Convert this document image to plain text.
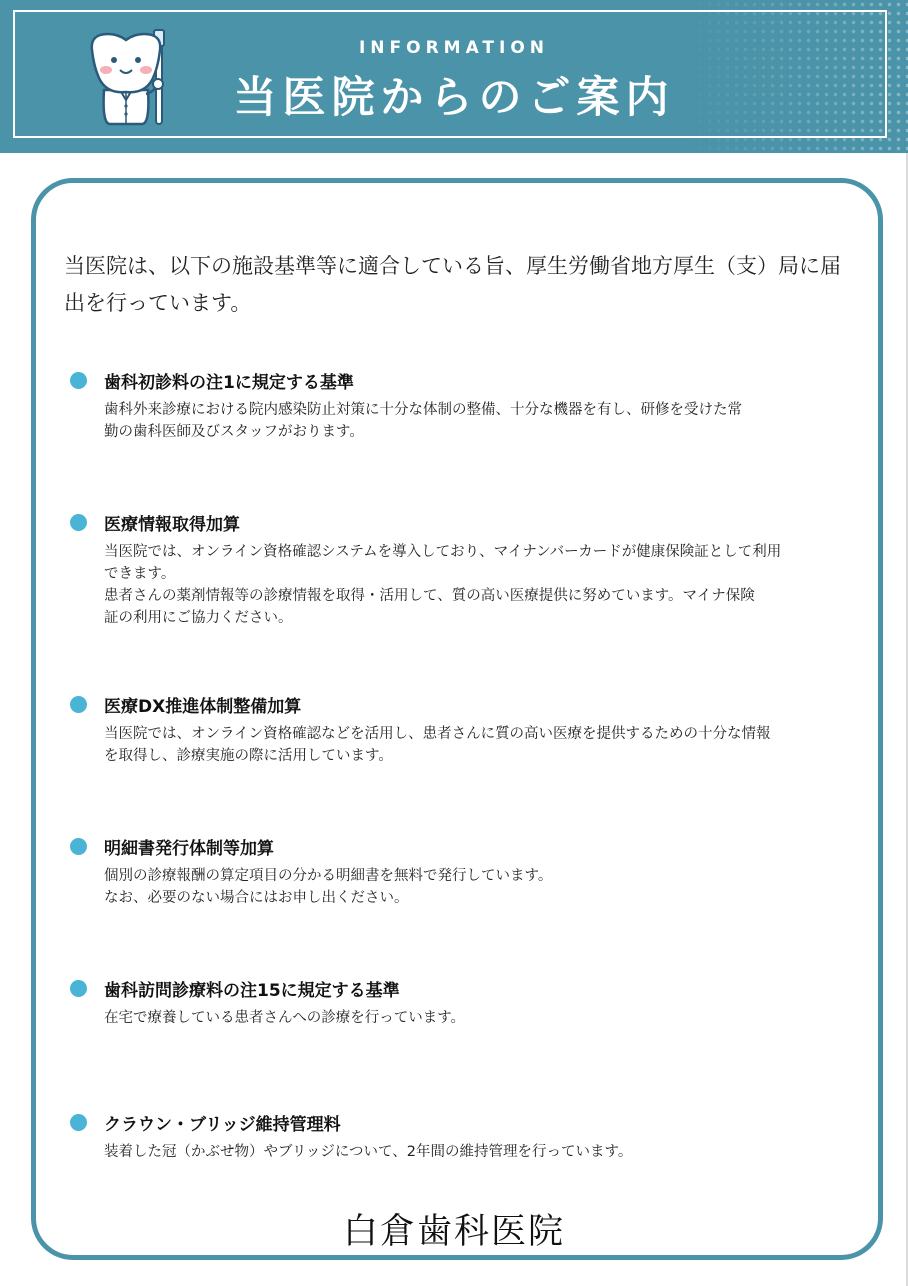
INFORMATION
当医院からのご案内
当医院は、以下の施設基準等に適合している旨、厚生労働省地方厚生（支）局に届出を行っています。
歯科初診料の注1に規定する基準
歯科外来診療における院内感染防止対策に十分な体制の整備、十分な機器を有し、研修を受けた常
勤の歯科医師及びスタッフがおります。
医療情報取得加算
当医院では、オンライン資格確認システムを導入しており、マイナンバーカードが健康保険証として利用
できます。
患者さんの薬剤情報等の診療情報を取得・活用して、質の高い医療提供に努めています。マイナ保険
証の利用にご協力ください。
医療DX推進体制整備加算
当医院では、オンライン資格確認などを活用し、患者さんに質の高い医療を提供するための十分な情報
を取得し、診療実施の際に活用しています。
明細書発行体制等加算
個別の診療報酬の算定項目の分かる明細書を無料で発行しています。
なお、必要のない場合にはお申し出ください。
歯科訪問診療料の注15に規定する基準
在宅で療養している患者さんへの診療を行っています。
クラウン・ブリッジ維持管理料
装着した冠（かぶせ物）やブリッジについて、2年間の維持管理を行っています。
白倉歯科医院
